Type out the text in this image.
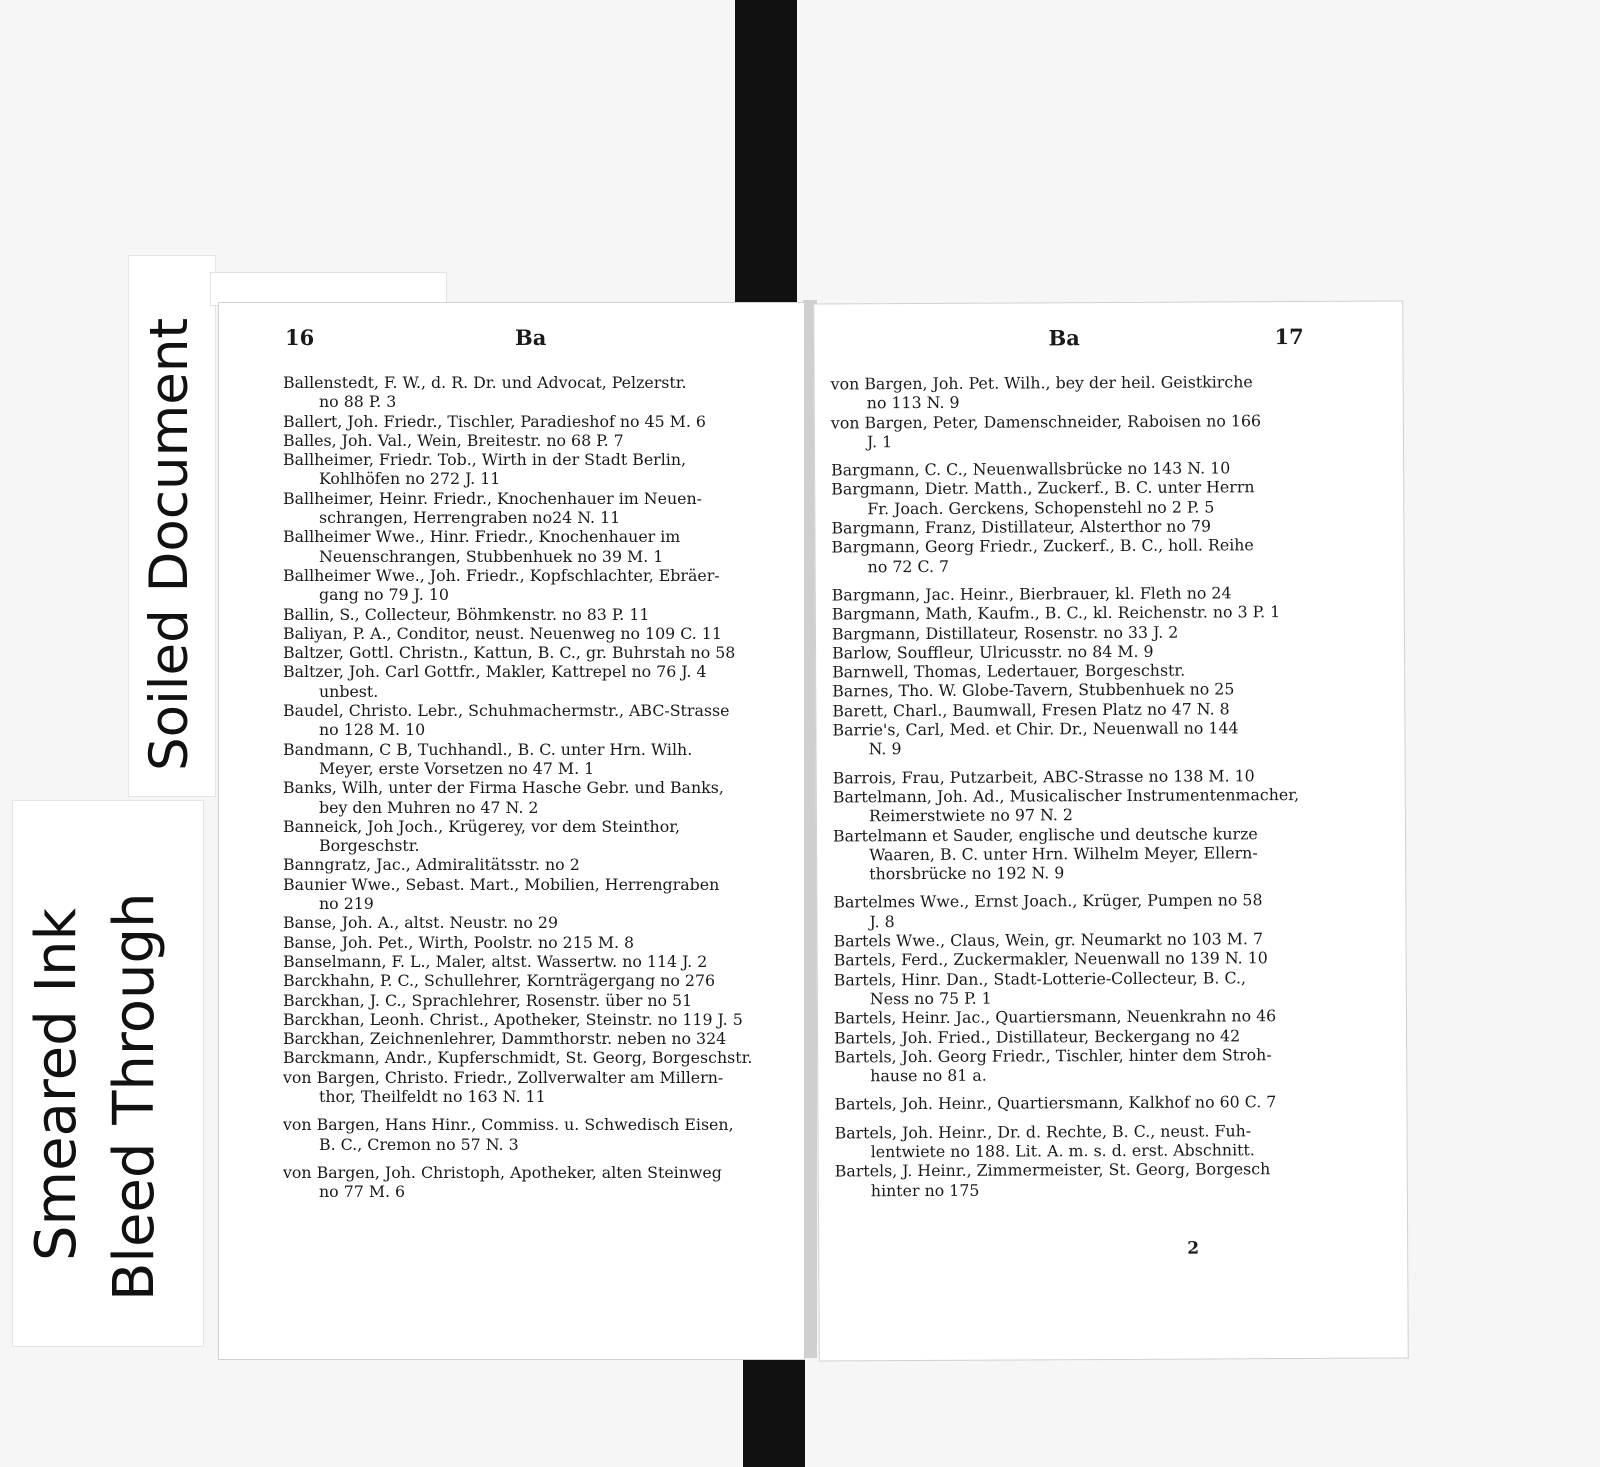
Soiled Document
Smeared Ink Bleed Through
16	Ba
Ballenstedt, F. W., d. R. Dr. und Advocat, Pelzerstr.
no 88 P. 3
Ballert, Joh. Friedr., Tischler, Paradieshof no 45 M. 6
Balles, Joh. Val., Wein, Breitestr. no 68 P. 7
Ballheimer, Friedr. Tob., Wirth in der Stadt Berlin,
Kohlhöfen no 272 J. 11
Ballheimer, Heinr. Friedr., Knochenhauer im Neuen-
schrangen, Herrengraben no24 N. 11
Ballheimer Wwe., Hinr. Friedr., Knochenhauer im
Neuenschrangen, Stubbenhuek no 39 M. 1
Ballheimer Wwe., Joh. Friedr., Kopfschlachter, Ebräer-
gang no 79 J. 10
Ballin, S., Collecteur, Böhmkenstr. no 83 P. 11
Baliyan, P. A., Conditor, neust. Neuenweg no 109 C. 11
Baltzer, Gottl. Christn., Kattun, B. C., gr. Buhrstah no 58
Baltzer, Joh. Carl Gottfr., Makler, Kattrepel no 76 J. 4
unbest.
Baudel, Christo. Lebr., Schuhmachermstr., ABC-Strasse
no 128 M. 10
Bandmann, C B, Tuchhandl., B. C. unter Hrn. Wilh.
Meyer, erste Vorsetzen no 47 M. 1
Banks, Wilh, unter der Firma Hasche Gebr. und Banks,
bey den Muhren no 47 N. 2
Banneick, Joh Joch., Krügerey, vor dem Steinthor,
Borgeschstr.
Banngratz, Jac., Admiralitätsstr. no 2
Baunier Wwe., Sebast. Mart., Mobilien, Herrengraben
no 219
Banse, Joh. A., altst. Neustr. no 29
Banse, Joh. Pet., Wirth, Poolstr. no 215 M. 8
Banselmann, F. L., Maler, altst. Wassertw. no 114 J. 2
Barckhahn, P. C., Schullehrer, Kornträgergang no 276
Barckhan, J. C., Sprachlehrer, Rosenstr. über no 51
Barckhan, Leonh. Christ., Apotheker, Steinstr. no 119 J. 5
Barckhan, Zeichnenlehrer, Dammthorstr. neben no 324
Barckmann, Andr., Kupferschmidt, St. Georg, Borgeschstr.
von Bargen, Christo. Friedr., Zollverwalter am Millern-
thor, Theilfeldt no 163 N. 11
von Bargen, Hans Hinr., Commiss. u. Schwedisch Eisen,
B. C., Cremon no 57 N. 3
von Bargen, Joh. Christoph, Apotheker, alten Steinweg
no 77 M. 6
Ba	17
von Bargen, Joh. Pet. Wilh., bey der heil. Geistkirche
no 113 N. 9
von Bargen, Peter, Damenschneider, Raboisen no 166
J. 1
Bargmann, C. C., Neuenwallsbrücke no 143 N. 10
Bargmann, Dietr. Matth., Zuckerf., B. C. unter Herrn
Fr. Joach. Gerckens, Schopenstehl no 2 P. 5
Bargmann, Franz, Distillateur, Alsterthor no 79
Bargmann, Georg Friedr., Zuckerf., B. C., holl. Reihe
no 72 C. 7
Bargmann, Jac. Heinr., Bierbrauer, kl. Fleth no 24
Bargmann, Math, Kaufm., B. C., kl. Reichenstr. no 3 P. 1
Bargmann, Distillateur, Rosenstr. no 33 J. 2
Barlow, Souffleur, Ulricusstr. no 84 M. 9
Barnwell, Thomas, Ledertauer, Borgeschstr.
Barnes, Tho. W. Globe-Tavern, Stubbenhuek no 25
Barett, Charl., Baumwall, Fresen Platz no 47 N. 8
Barrie's, Carl, Med. et Chir. Dr., Neuenwall no 144
N. 9
Barrois, Frau, Putzarbeit, ABC-Strasse no 138 M. 10
Bartelmann, Joh. Ad., Musicalischer Instrumentenmacher,
Reimerstwiete no 97 N. 2
Bartelmann et Sauder, englische und deutsche kurze
Waaren, B. C. unter Hrn. Wilhelm Meyer, Ellern-
thorsbrücke no 192 N. 9
Bartelmes Wwe., Ernst Joach., Krüger, Pumpen no 58
J. 8
Bartels Wwe., Claus, Wein, gr. Neumarkt no 103 M. 7
Bartels, Ferd., Zuckermakler, Neuenwall no 139 N. 10
Bartels, Hinr. Dan., Stadt-Lotterie-Collecteur, B. C.,
Ness no 75 P. 1
Bartels, Heinr. Jac., Quartiersmann, Neuenkrahn no 46
Bartels, Joh. Fried., Distillateur, Beckergang no 42
Bartels, Joh. Georg Friedr., Tischler, hinter dem Stroh-
hause no 81 a.
Bartels, Joh. Heinr., Quartiersmann, Kalkhof no 60 C. 7
Bartels, Joh. Heinr., Dr. d. Rechte, B. C., neust. Fuh-
lentwiete no 188. Lit. A. m. s. d. erst. Abschnitt.
Bartels, J. Heinr., Zimmermeister, St. Georg, Borgesch
hinter no 175
2
